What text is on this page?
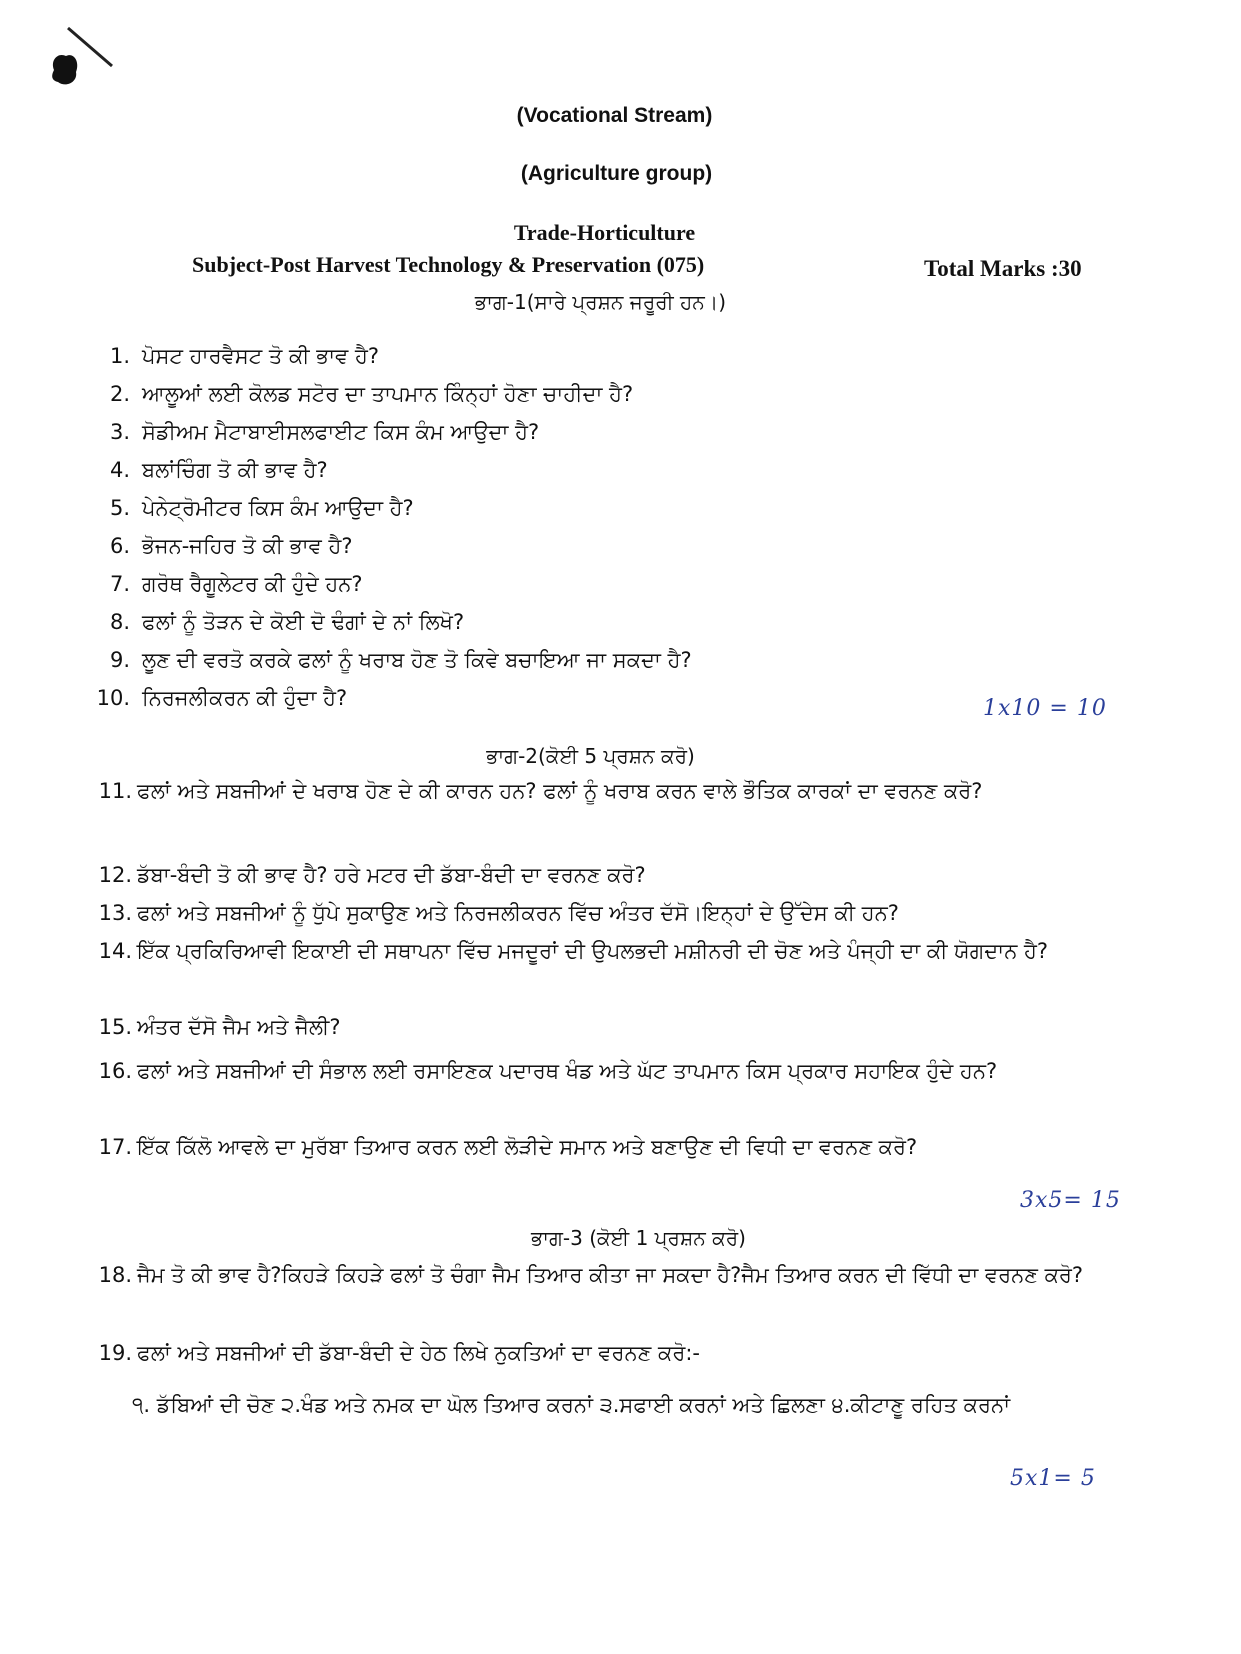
(Vocational Stream)
(Agriculture group)
Trade-Horticulture
Subject-Post Harvest Technology & Preservation (075)	Total Marks :30
ਭਾਗ-1(ਸਾਰੇ ਪ੍ਰਸ਼ਨ ਜਰੂਰੀ ਹਨ।)
1. ਪੋਸਟ ਹਾਰਵੈਸਟ ਤੋ ਕੀ ਭਾਵ ਹੈ?
2. ਆਲੂਆਂ ਲਈ ਕੋਲਡ ਸਟੋਰ ਦਾ ਤਾਪਮਾਨ ਕਿੰਨ੍ਹਾਂ ਹੋਣਾ ਚਾਹੀਦਾ ਹੈ?
3. ਸੋਡੀਅਮ ਮੈਟਾਬਾਈਸਲਫਾਈਟ ਕਿਸ ਕੰਮ ਆਉਦਾ ਹੈ?
4. ਬਲਾਂਚਿੰਗ ਤੋ ਕੀ ਭਾਵ ਹੈ?
5. ਪੇਨੇਟ੍ਰੋਮੀਟਰ ਕਿਸ ਕੰਮ ਆਉਦਾ ਹੈ?
6. ਭੋਜਨ-ਜਹਿਰ ਤੋ ਕੀ ਭਾਵ ਹੈ?
7. ਗਰੋਥ ਰੈਗੂਲੇਟਰ ਕੀ ਹੁੰਦੇ ਹਨ?
8. ਫਲਾਂ ਨੂੰ ਤੋੜਨ ਦੇ ਕੋਈ ਦੋ ਢੰਗਾਂ ਦੇ ਨਾਂ ਲਿਖੋ?
9. ਲੂਣ ਦੀ ਵਰਤੋ ਕਰਕੇ ਫਲਾਂ ਨੂੰ ਖਰਾਬ ਹੋਣ ਤੋ ਕਿਵੇ ਬਚਾਇਆ ਜਾ ਸਕਦਾ ਹੈ?
10. ਨਿਰਜਲੀਕਰਨ ਕੀ ਹੁੰਦਾ ਹੈ?	1x10 = 10
ਭਾਗ-2(ਕੋਈ 5 ਪ੍ਰਸ਼ਨ ਕਰੋ)
11. ਫਲਾਂ ਅਤੇ ਸਬਜੀਆਂ ਦੇ ਖਰਾਬ ਹੋਣ ਦੇ ਕੀ ਕਾਰਨ ਹਨ? ਫਲਾਂ ਨੂੰ ਖਰਾਬ ਕਰਨ ਵਾਲੇ ਭੌਤਿਕ ਕਾਰਕਾਂ ਦਾ ਵਰਨਣ ਕਰੋ?
12. ਡੱਬਾ-ਬੰਦੀ ਤੋ ਕੀ ਭਾਵ ਹੈ? ਹਰੇ ਮਟਰ ਦੀ ਡੱਬਾ-ਬੰਦੀ ਦਾ ਵਰਨਣ ਕਰੋ?
13. ਫਲਾਂ ਅਤੇ ਸਬਜੀਆਂ ਨੂੰ ਧੁੱਪੇ ਸੁਕਾਉਣ ਅਤੇ ਨਿਰਜਲੀਕਰਨ ਵਿੱਚ ਅੰਤਰ ਦੱਸੋ।ਇਨ੍ਹਾਂ ਦੇ ਉੱਦੇਸ ਕੀ ਹਨ?
14. ਇੱਕ ਪ੍ਰਕਿਰਿਆਵੀ ਇਕਾਈ ਦੀ ਸਥਾਪਨਾ ਵਿੱਚ ਮਜਦੂਰਾਂ ਦੀ ਉਪਲਭਦੀ ਮਸ਼ੀਨਰੀ ਦੀ ਚੋਣ ਅਤੇ ਪੰਜ੍ਹੀ ਦਾ ਕੀ ਯੋਗਦਾਨ ਹੈ?
15. ਅੰਤਰ ਦੱਸੋ ਜੈਮ ਅਤੇ ਜੈਲੀ?
16. ਫਲਾਂ ਅਤੇ ਸਬਜੀਆਂ ਦੀ ਸੰਭਾਲ ਲਈ ਰਸਾਇਣਕ ਪਦਾਰਥ ਖੰਡ ਅਤੇ ਘੱਟ ਤਾਪਮਾਨ ਕਿਸ ਪ੍ਰਕਾਰ ਸਹਾਇਕ ਹੁੰਦੇ ਹਨ?
17. ਇੱਕ ਕਿੱਲੋ ਆਵਲੇ ਦਾ ਮੁਰੱਬਾ ਤਿਆਰ ਕਰਨ ਲਈ ਲੋੜੀਦੇ ਸਮਾਨ ਅਤੇ ਬਣਾਉਣ ਦੀ ਵਿਧੀ ਦਾ ਵਰਨਣ ਕਰੋ?
3x5= 15
ਭਾਗ-3 (ਕੋਈ 1 ਪ੍ਰਸ਼ਨ ਕਰੋ)
18. ਜੈਮ ਤੋ ਕੀ ਭਾਵ ਹੈ?ਕਿਹੜੇ ਕਿਹੜੇ ਫਲਾਂ ਤੋ ਚੰਗਾ ਜੈਮ ਤਿਆਰ ਕੀਤਾ ਜਾ ਸਕਦਾ ਹੈ?ਜੈਮ ਤਿਆਰ ਕਰਨ ਦੀ ਵਿੱਧੀ ਦਾ ਵਰਨਣ ਕਰੋ?
19. ਫਲਾਂ ਅਤੇ ਸਬਜੀਆਂ ਦੀ ਡੱਬਾ-ਬੰਦੀ ਦੇ ਹੇਠ ਲਿਖੇ ਨੁਕਤਿਆਂ ਦਾ ਵਰਨਣ ਕਰੋ:-
੧. ਡੱਬਿਆਂ ਦੀ ਚੋਣ ੨.ਖੰਡ ਅਤੇ ਨਮਕ ਦਾ ਘੋਲ ਤਿਆਰ ਕਰਨਾਂ ੩.ਸਫਾਈ ਕਰਨਾਂ ਅਤੇ ਛਿਲਣਾ ੪.ਕੀਟਾਣੂ ਰਹਿਤ ਕਰਨਾਂ
5x1= 5
